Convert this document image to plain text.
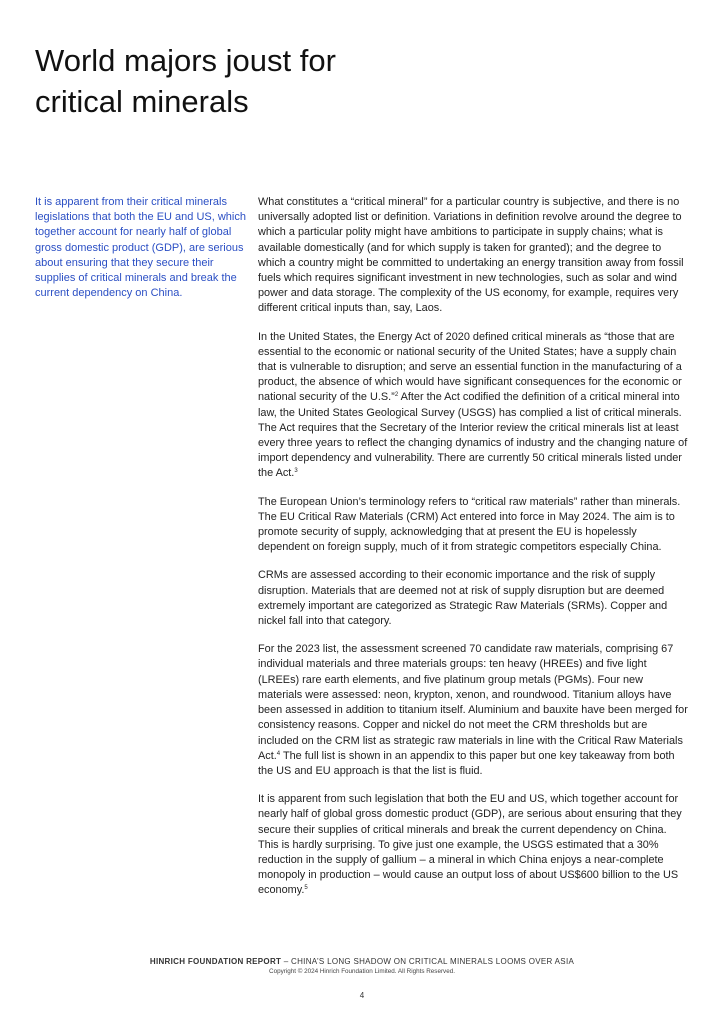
World majors joust for
critical minerals

It is apparent from their critical minerals legislations that both the EU and US, which together account for nearly half of global gross domestic product (GDP), are serious about ensuring that they secure their supplies of critical minerals and break the current dependency on China.

What constitutes a “critical mineral” for a particular country is subjective, and there is no universally adopted list or definition. Variations in definition revolve around the degree to which a particular polity might have ambitions to participate in supply chains; what is available domestically (and for which supply is taken for granted); and the degree to which a country might be committed to undertaking an energy transition away from fossil fuels which requires significant investment in new technologies, such as solar and wind power and data storage. The complexity of the US economy, for example, requires very different critical inputs than, say, Laos.

In the United States, the Energy Act of 2020 defined critical minerals as “those that are essential to the economic or national security of the United States; have a supply chain that is vulnerable to disruption; and serve an essential function in the manufacturing of a product, the absence of which would have significant consequences for the economic or national security of the U.S.”$^2$ After the Act codified the definition of a critical mineral into law, the United States Geological Survey (USGS) has complied a list of critical minerals. The Act requires that the Secretary of the Interior review the critical minerals list at least every three years to reflect the changing dynamics of industry and the changing nature of import dependency and vulnerability. There are currently 50 critical minerals listed under the Act.$^3$

The European Union’s terminology refers to “critical raw materials” rather than minerals. The EU Critical Raw Materials (CRM) Act entered into force in May 2024. The aim is to promote security of supply, acknowledging that at present the EU is hopelessly dependent on foreign supply, much of it from strategic competitors especially China.

CRMs are assessed according to their economic importance and the risk of supply disruption. Materials that are deemed not at risk of supply disruption but are deemed extremely important are categorized as Strategic Raw Materials (SRMs). Copper and nickel fall into that category.

For the 2023 list, the assessment screened 70 candidate raw materials, comprising 67 individual materials and three materials groups: ten heavy (HREEs) and five light (LREEs) rare earth elements, and five platinum group metals (PGMs). Four new materials were assessed: neon, krypton, xenon, and roundwood. Titanium alloys have been assessed in addition to titanium itself. Aluminium and bauxite have been merged for consistency reasons. Copper and nickel do not meet the CRM thresholds but are included on the CRM list as strategic raw materials in line with the Critical Raw Materials Act.$^4$ The full list is shown in an appendix to this paper but one key takeaway from both the US and EU approach is that the list is fluid.

It is apparent from such legislation that both the EU and US, which together account for nearly half of global gross domestic product (GDP), are serious about ensuring that they secure their supplies of critical minerals and break the current dependency on China. This is hardly surprising. To give just one example, the USGS estimated that a 30% reduction in the supply of gallium – a mineral in which China enjoys a near-complete monopoly in production – would cause an output loss of about US$600 billion to the US economy.$^5$

HINRICH FOUNDATION REPORT – CHINA’S LONG SHADOW ON CRITICAL MINERALS LOOMS OVER ASIA
Copyright © 2024 Hinrich Foundation Limited. All Rights Reserved.
4
